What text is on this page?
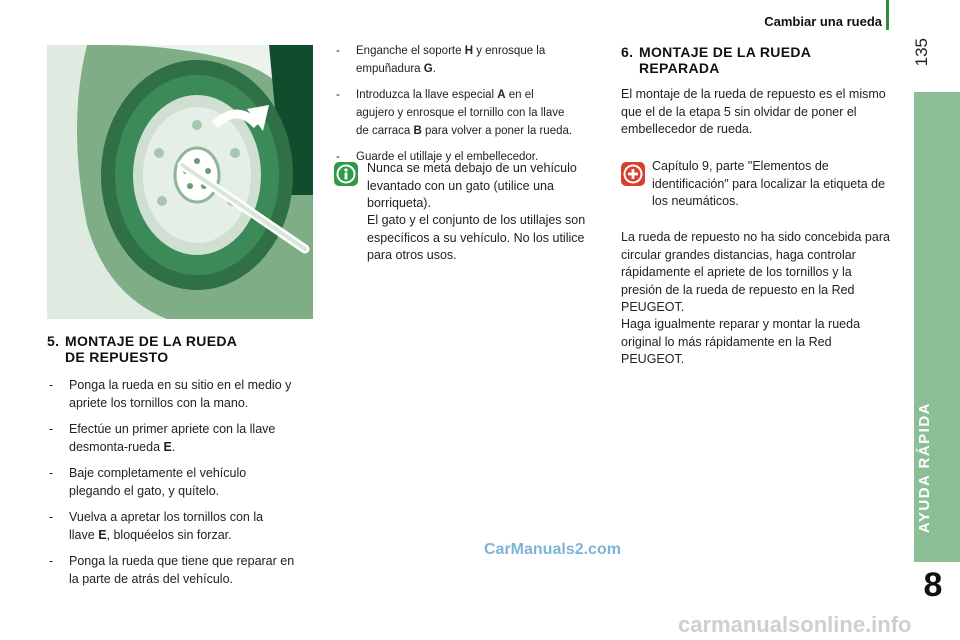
Cambiar una rueda
135
AYUDA RÁPIDA
8
5. MONTAJE DE LA RUEDA
DE REPUESTO
- Ponga la rueda en su sitio en el medio y
apriete los tornillos con la mano.
- Efectúe un primer apriete con la llave
desmonta-rueda E.
- Baje completamente el vehículo
plegando el gato, y quítelo.
- Vuelva a apretar los tornillos con la
llave E, bloquéelos sin forzar.
- Ponga la rueda que tiene que reparar en
la parte de atrás del vehículo.
- Enganche el soporte H y enrosque la
empuñadura G.
- Introduzca la llave especial A en el
agujero y enrosque el tornillo con la llave
de carraca B para volver a poner la rueda.
- Guarde el utillaje y el embellecedor.

Nunca se meta debajo de un vehículo levantado con un gato (utilice una borriqueta).

El gato y el conjunto de los utillajes son específicos a su vehículo. No los utilice para otros usos.

6. MONTAJE DE LA RUEDA
REPARADA

El montaje de la rueda de repuesto es el mismo que el de la etapa 5 sin olvidar de poner el embellecedor de rueda.

Capítulo 9, parte "Elementos de identificación" para localizar la etiqueta de los neumáticos.

La rueda de repuesto no ha sido concebida para circular grandes distancias, haga controlar rápidamente el apriete de los tornillos y la presión de la rueda de repuesto en la Red PEUGEOT.

Haga igualmente reparar y montar la rueda original lo más rápidamente en la Red PEUGEOT.

CarManuals2.com
carmanualsonline.info
